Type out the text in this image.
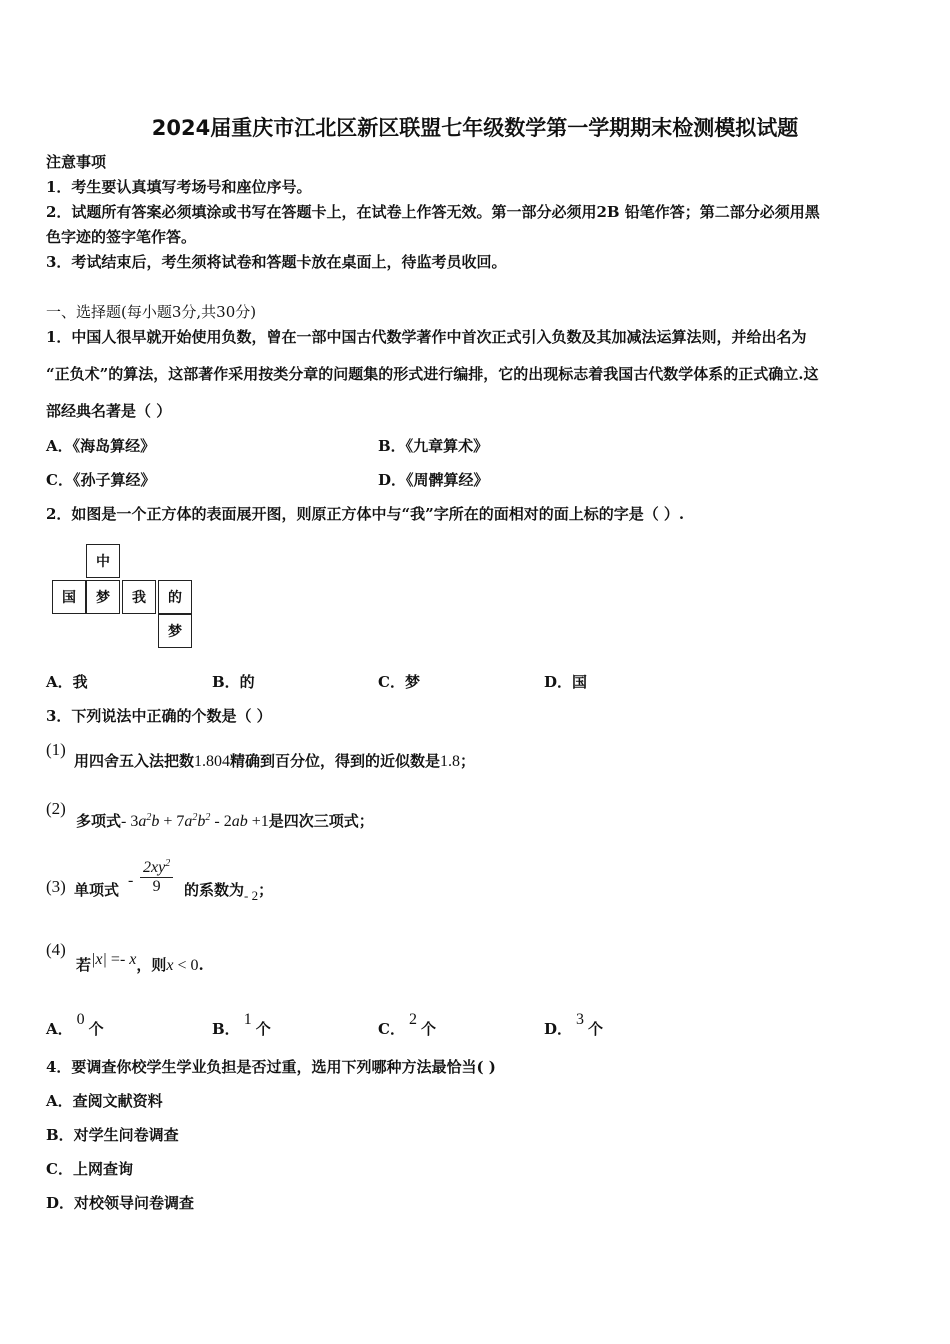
2024届重庆市江北区新区联盟七年级数学第一学期期末检测模拟试题
注意事项
1．考生要认真填写考场号和座位序号。
2．试题所有答案必须填涂或书写在答题卡上，在试卷上作答无效。第一部分必须用2B 铅笔作答；第二部分必须用黑
色字迹的签字笔作答。
3．考试结束后，考生须将试卷和答题卡放在桌面上，待监考员收回。
一、选择题(每小题3分,共30分)
1．中国人很早就开始使用负数，曾在一部中国古代数学著作中首次正式引入负数及其加减法运算法则，并给出名为
“正负术”的算法，这部著作采用按类分章的问题集的形式进行编排，它的出现标志着我国古代数学体系的正式确立.这
部经典名著是（ ）
A．《海岛算经》	B．《九章算术》
C．《孙子算经》	D．《周髀算经》
2．如图是一个正方体的表面展开图，则原正方体中与“我”字所在的面相对的面上标的字是（ ）.
中
国	梦	我	的
梦
A．我	B．的	C．梦	D．国
3．下列说法中正确的个数是（ ）
(1)
用四舍五入法把数1.804精确到百分位，得到的近似数是1.8；
(2)
多项式- $3a^2b + 7a^2b^2 - 2ab +1$是四次三项式；
(3) 单项式
- $\frac{2xy^2}{9}$ 的系数为- 2；
(4)
若|x| =- x，则x < 0.
A．0个	B．1个	C．2个	D．3个
4．要调查你校学生学业负担是否过重，选用下列哪种方法最恰当( )
A．查阅文献资料
B．对学生问卷调查
C．上网查询
D．对校领导问卷调查
